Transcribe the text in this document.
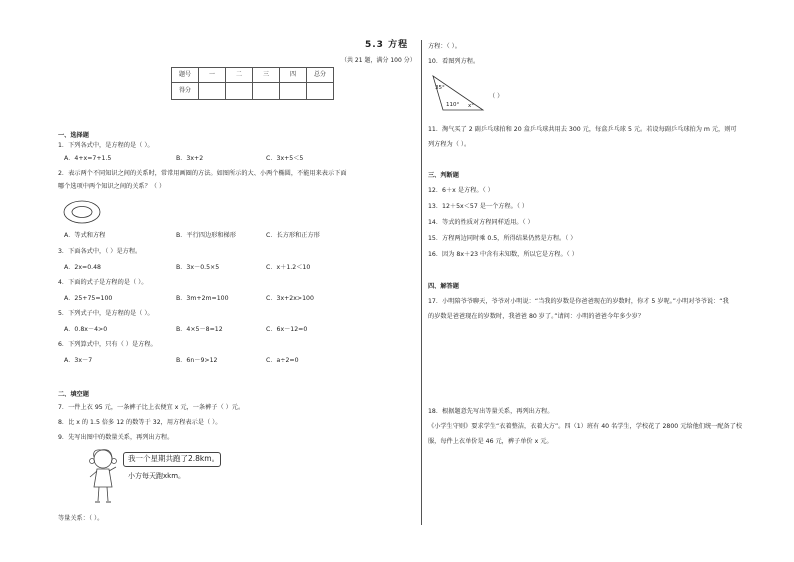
5.3 方程
（共 21 题，满分 100 分）
题号	一	二	三	四	总分
得分					
一、选择题
1．下列各式中，是方程的是（ ）。
A．4+x=7+1.5	B．3x+2	C．3x+5＜5
2．表示两个不同知识之间的关系时，常常用画圈的方法。如图所示的大、小两个椭圆，不能用来表示下面
哪个选项中两个知识之间的关系？（ ）
A．等式和方程	B．平行四边形和梯形	C．长方形和正方形
3．下面各式中，（ ）是方程。
A．2x=0.48	B．3x－0.5×5	C．x＋1.2＜10
4．下面的式子是方程的是（ ）。
A．25+75=100	B．3m+2m=100	C．3x+2x>100
5．下列式子中，是方程的是（ ）。
A．0.8x－4>0	B．4×5－8=12	C．6x－12=0
6．下列算式中，只有（ ）是方程。
A．3x－7	B．6n－9>12	C．a÷2=0
二、填空题
7．一件上衣 95 元，一条裤子比上衣便宜 x 元，一条裤子（ ）元。
8．比 x 的 1.5 倍多 12 的数等于 32，用方程表示是（ ）。
9．先写出图中的数量关系，再列出方程。
我一个星期共跑了2.8km。
小方每天跑xkm。
等量关系：（ ）。
方程：（ ）。
10．看图列方程。
35°
110° x°
（ ）
11．淘气买了 2 副乒乓球拍和 20 盒乒乓球共用去 300 元，每盒乒乓球 5 元。若设每副乒乓球拍为 m 元，则可
列方程为（ ）。
三、判断题
12．6＋x 是方程。（ ）
13．12＋5x＜57 是一个方程。（ ）
14．等式的性质对方程同样适用。（ ）
15．方程两边同时乘 0.5，所得结果仍然是方程。（ ）
16．因为 8x＋23 中含有未知数，所以它是方程。（ ）
四、解答题
17．小明陪爷爷聊天，爷爷对小明说：“当我的岁数是你爸爸现在的岁数时，你才 5 岁呢。”小明对爷爷说：“我
的岁数是爸爸现在的岁数时，我爸爸 80 岁了。”请问：小明的爸爸今年多少岁？
18．根据题意先写出等量关系，再列出方程。
《小学生守则》要求学生“衣着整洁，衣着大方”。四（1）班有 40 名学生，学校花了 2800 元给他们统一配备了校
服，每件上衣单价是 46 元，裤子单价 x 元。
